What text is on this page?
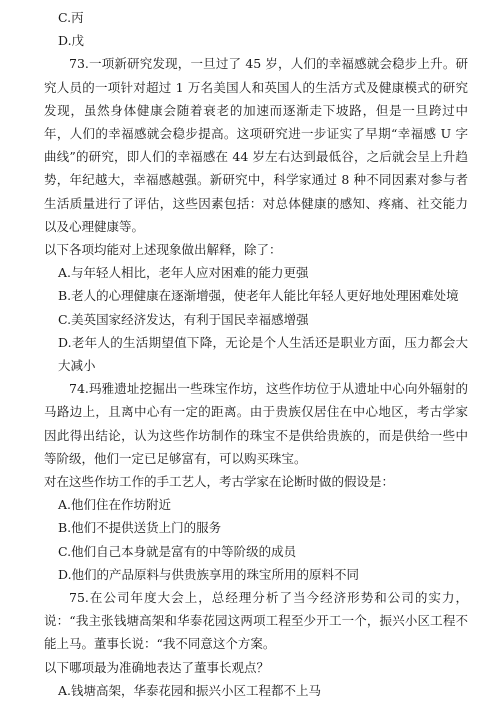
C.丙
D.戊
73.一项新研究发现，一旦过了 45 岁，人们的幸福感就会稳步上升。研究人员的一项针对超过 1 万名美国人和英国人的生活方式及健康模式的研究发现，虽然身体健康会随着衰老的加速而逐渐走下坡路，但是一旦跨过中年，人们的幸福感就会稳步提高。这项研究进一步证实了早期“幸福感 U 字曲线”的研究，即人们的幸福感在 44 岁左右达到最低谷，之后就会呈上升趋势，年纪越大，幸福感越强。新研究中，科学家通过 8 种不同因素对参与者生活质量进行了评估，这些因素包括：对总体健康的感知、疼痛、社交能力以及心理健康等。
以下各项均能对上述现象做出解释，除了：
A.与年轻人相比，老年人应对困难的能力更强
B.老人的心理健康在逐渐增强，使老年人能比年轻人更好地处理困难处境
C.美英国家经济发达，有利于国民幸福感增强
D.老年人的生活期望值下降，无论是个人生活还是职业方面，压力都会大大减小
74.玛雅遗址挖掘出一些珠宝作坊，这些作坊位于从遗址中心向外辐射的马路边上，且离中心有一定的距离。由于贵族仅居住在中心地区，考古学家因此得出结论，认为这些作坊制作的珠宝不是供给贵族的，而是供给一些中等阶级，他们一定已足够富有，可以购买珠宝。
对在这些作坊工作的手工艺人，考古学家在论断时做的假设是：
A.他们住在作坊附近
B.他们不提供送货上门的服务
C.他们自己本身就是富有的中等阶级的成员
D.他们的产品原料与供贵族享用的珠宝所用的原料不同
75.在公司年度大会上，总经理分析了当今经济形势和公司的实力，说：“我主张钱塘高架和华泰花园这两项工程至少开工一个，振兴小区工程不能上马。董事长说：“我不同意这个方案。
以下哪项最为准确地表达了董事长观点？
A.钱塘高架，华泰花园和振兴小区工程都不上马
